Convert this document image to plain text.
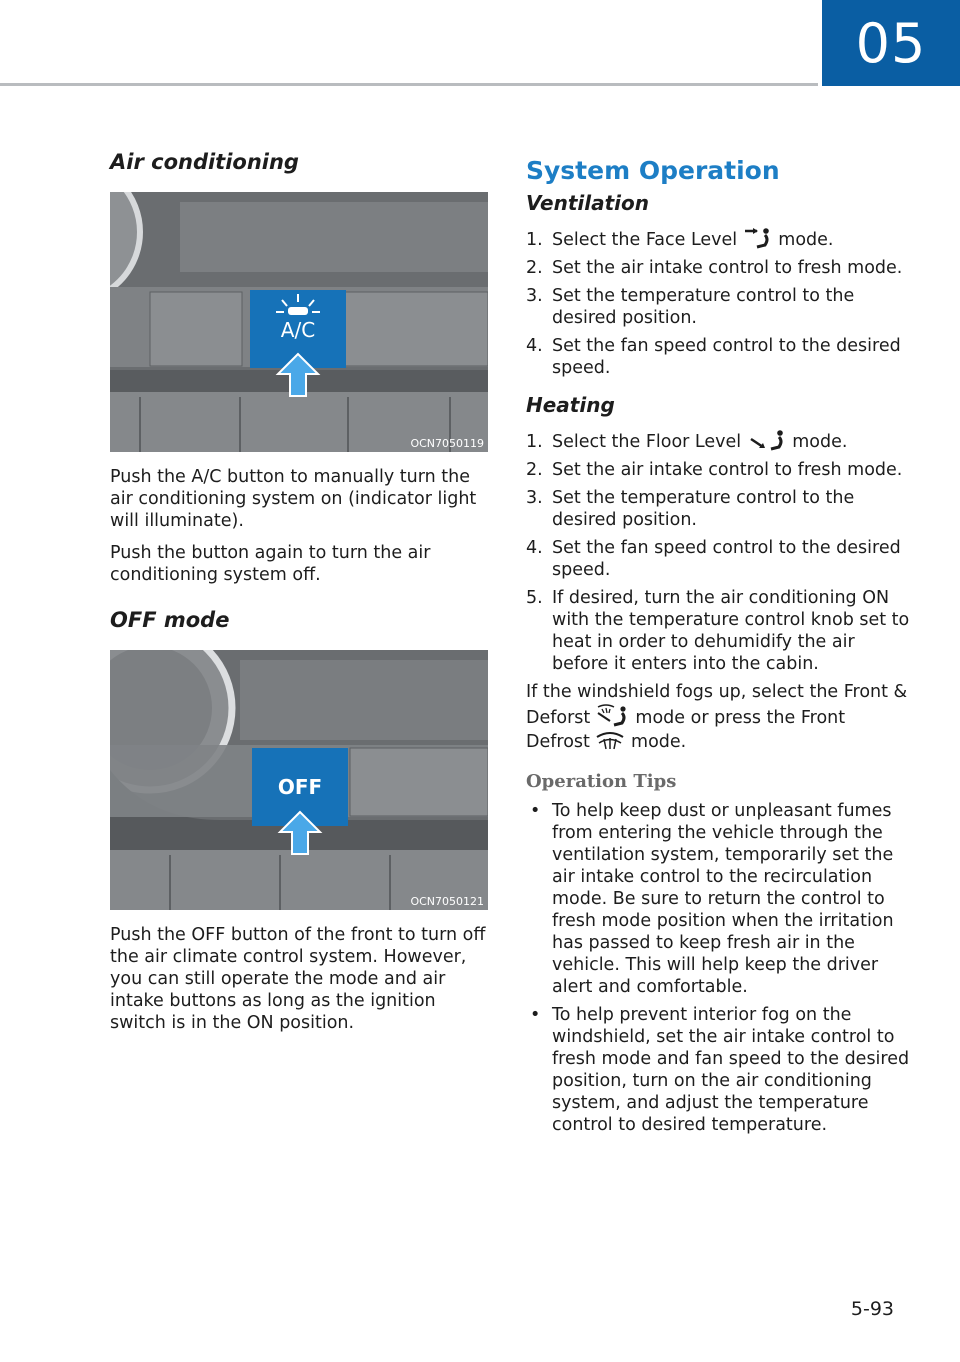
05
Air conditioning
A/C
OCN7050119

Push the A/C button to manually turn the air conditioning system on (indicator light will illuminate).

Push the button again to turn the air conditioning system off.

OFF mode
OFF
OCN7050121

Push the OFF button of the front to turn off the air climate control system. However, you can still operate the mode and air intake buttons as long as the ignition switch is in the ON position.

System Operation
Ventilation
1. Select the Face Level  mode.
2. Set the air intake control to fresh mode.
3. Set the temperature control to the desired position.
4. Set the fan speed control to the desired speed.
Heating
1. Select the Floor Level  mode.
2. Set the air intake control to fresh mode.
3. Set the temperature control to the desired position.
4. Set the fan speed control to the desired speed.
5. If desired, turn the air conditioning ON with the temperature control knob set to heat in order to dehumidify the air before it enters into the cabin.

If the windshield fogs up, select the Front & Deforst  mode or press the Front Defrost  mode.

Operation Tips
• To help keep dust or unpleasant fumes from entering the vehicle through the ventilation system, temporarily set the air intake control to the recirculation mode. Be sure to return the control to fresh mode position when the irritation has passed to keep fresh air in the vehicle. This will help keep the driver alert and comfortable.
• To help prevent interior fog on the windshield, set the air intake control to fresh mode and fan speed to the desired position, turn on the air conditioning system, and adjust the temperature control to desired temperature.
5-93
